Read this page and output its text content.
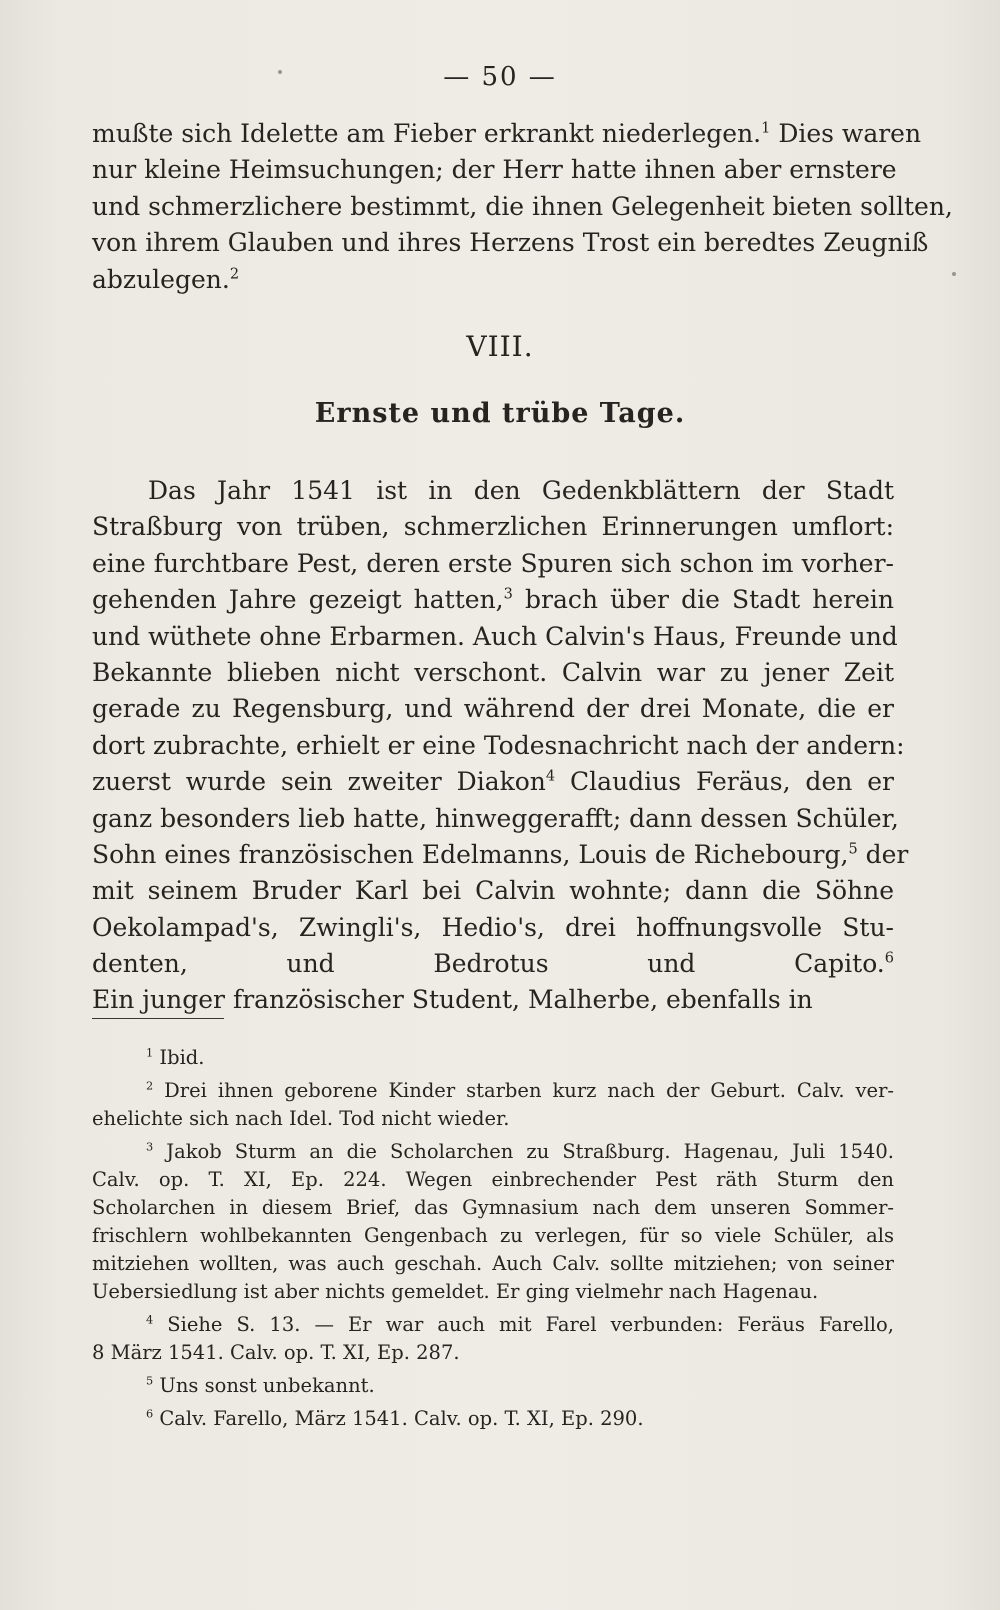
— 50 —
mußte sich Idelette am Fieber erkrankt niederlegen.$^1$ Dies waren
nur kleine Heimsuchungen; der Herr hatte ihnen aber ernstere
und schmerzlichere bestimmt, die ihnen Gelegenheit bieten sollten,
von ihrem Glauben und ihres Herzens Trost ein beredtes Zeugniß
abzulegen.$^2$
VIII.
Ernste und trübe Tage.
Das Jahr 1541 ist in den Gedenkblättern der Stadt
Straßburg von trüben, schmerzlichen Erinnerungen umflort:
eine furchtbare Pest, deren erste Spuren sich schon im vorher-
gehenden Jahre gezeigt hatten,$^3$ brach über die Stadt herein
und wüthete ohne Erbarmen. Auch Calvin's Haus, Freunde und
Bekannte blieben nicht verschont. Calvin war zu jener Zeit
gerade zu Regensburg, und während der drei Monate, die er
dort zubrachte, erhielt er eine Todesnachricht nach der andern:
zuerst wurde sein zweiter Diakon$^4$ Claudius Feräus, den er
ganz besonders lieb hatte, hinweggerafft; dann dessen Schüler,
Sohn eines französischen Edelmanns, Louis de Richebourg,$^5$ der
mit seinem Bruder Karl bei Calvin wohnte; dann die Söhne
Oekolampad's, Zwingli's, Hedio's, drei hoffnungsvolle Stu-
denten, und Bedrotus und Capito.$^6$
Ein junger französischer Student, Malherbe, ebenfalls in
$^1$ Ibid.
$^2$ Drei ihnen geborene Kinder starben kurz nach der Geburt. Calv. ver-
ehelichte sich nach Idel. Tod nicht wieder.
$^3$ Jakob Sturm an die Scholarchen zu Straßburg. Hagenau, Juli 1540.
Calv. op. T. XI, Ep. 224. Wegen einbrechender Pest räth Sturm den
Scholarchen in diesem Brief, das Gymnasium nach dem unseren Sommer-
frischlern wohlbekannten Gengenbach zu verlegen, für so viele Schüler, als
mitziehen wollten, was auch geschah. Auch Calv. sollte mitziehen; von seiner
Uebersiedlung ist aber nichts gemeldet. Er ging vielmehr nach Hagenau.
$^4$ Siehe S. 13. — Er war auch mit Farel verbunden: Feräus Farello,
8 März 1541. Calv. op. T. XI, Ep. 287.
$^5$ Uns sonst unbekannt.
$^6$ Calv. Farello, März 1541. Calv. op. T. XI, Ep. 290.
